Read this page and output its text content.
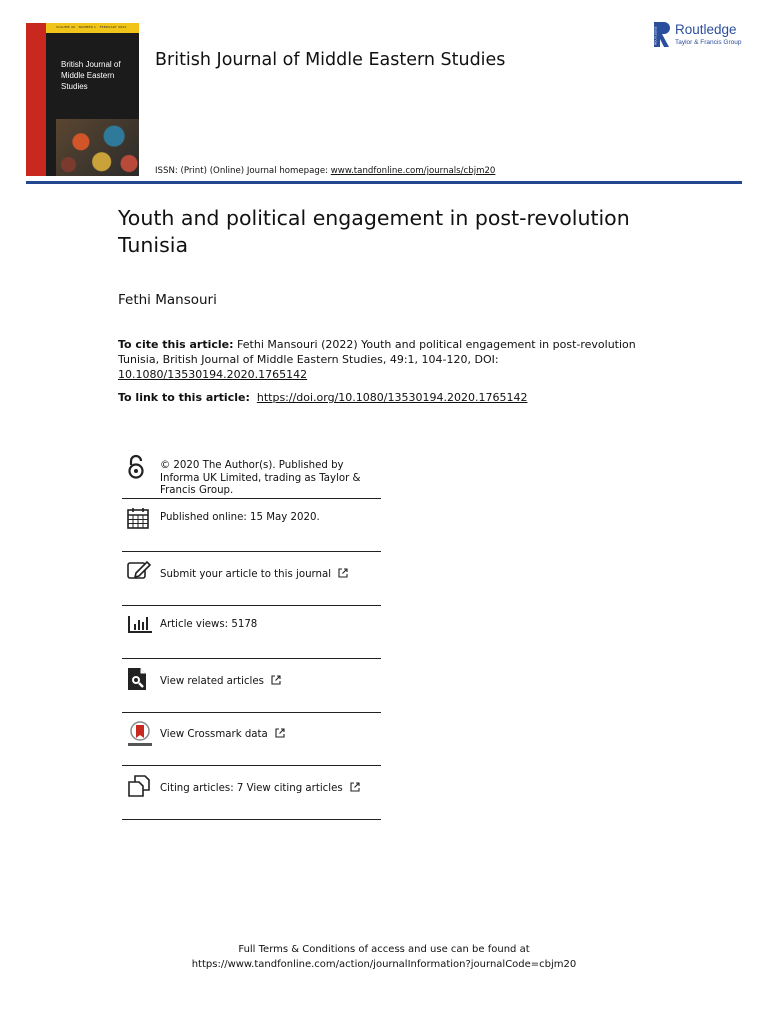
VOLUME 49 · NUMBER 1 · FEBRUARY 2022
British Journal of Middle Eastern Studies
British Journal of Middle Eastern Studies
ROUTLEDGE Routledge
Taylor & Francis Group
ISSN: (Print) (Online) Journal homepage: www.tandfonline.com/journals/cbjm20
Youth and political engagement in post-revolution Tunisia
Fethi Mansouri
To cite this article: Fethi Mansouri (2022) Youth and political engagement in post-revolution Tunisia, British Journal of Middle Eastern Studies, 49:1, 104-120, DOI: 10.1080/13530194.2020.1765142
To link to this article: https://doi.org/10.1080/13530194.2020.1765142
© 2020 The Author(s). Published by Informa UK Limited, trading as Taylor & Francis Group.
Published online: 15 May 2020.
Submit your article to this journal
Article views: 5178
View related articles
View Crossmark data
Citing articles: 7 View citing articles
Full Terms & Conditions of access and use can be found at
https://www.tandfonline.com/action/journalInformation?journalCode=cbjm20
